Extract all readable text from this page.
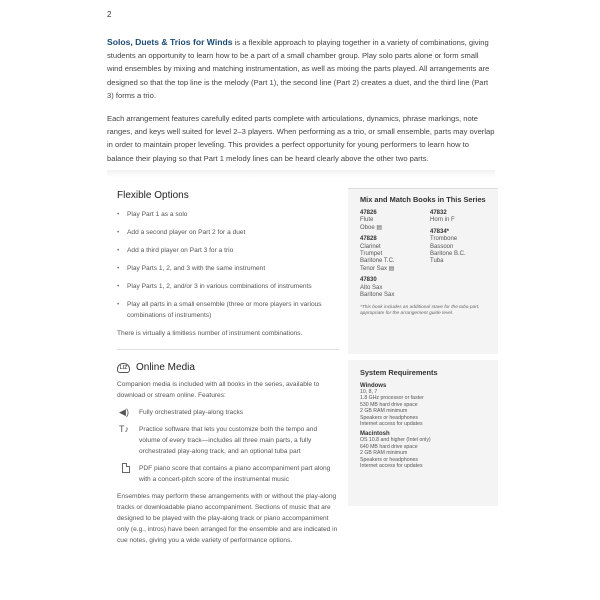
2

Solos, Duets & Trios for Winds is a flexible approach to playing together in a variety of combinations, giving students an opportunity to learn how to be a part of a small chamber group. Play solo parts alone or form small wind ensembles by mixing and matching instrumentation, as well as mixing the parts played. All arrangements are designed so that the top line is the melody (Part 1), the second line (Part 2) creates a duet, and the third line (Part 3) forms a trio.

Each arrangement features carefully edited parts complete with articulations, dynamics, phrase markings, note ranges, and keys well suited for level 2–3 players. When performing as a trio, or small ensemble, parts may overlap in order to maintain proper leveling. This provides a perfect opportunity for young performers to learn how to balance their playing so that Part 1 melody lines can be heard clearly above the other two parts.

Flexible Options
• Play Part 1 as a solo
• Add a second player on Part 2 for a duet
• Add a third player on Part 3 for a trio
• Play Parts 1, 2, and 3 with the same instrument
• Play Parts 1, 2, and/or 3 in various combinations of instruments
• Play all parts in a small ensemble (three or more players in various combinations of instruments)
There is virtually a limitless number of instrument combinations.
LIZ Online Media
Companion media is included with all books in the series, available to download or stream online. Features:
◀)	Fully orchestrated play-along tracks
T♪	Practice software that lets you customize both the tempo and volume of every track—includes all three main parts, a fully orchestrated play-along track, and an optional tuba part
PDF piano score that contains a piano accompaniment part along with a concert-pitch score of the instrumental music
Ensembles may perform these arrangements with or without the play-along tracks or downloadable piano accompaniment. Sections of music that are designed to be played with the play-along track or piano accompaniment only (e.g., intros) have been arranged for the ensemble and are indicated in cue notes, giving you a wide variety of performance options.
Mix and Match Books in This Series
47826
Flute
Oboe ▤
47828
Clarinet
Trumpet
Baritone T.C.
Tenor Sax ▤
47830
Alto Sax
Baritone Sax
47832
Horn in F
47834*
Trombone
Bassoon
Baritone B.C.
Tuba
*This book includes an additional stave for the tuba part, appropriate for the arrangement guide level.
System Requirements
Windows
10, 8, 7
1.8 GHz processor or faster
530 MB hard drive space
2 GB RAM minimum
Speakers or headphones
Internet access for updates
Macintosh
OS 10.8 and higher (Intel only)
640 MB hard drive space
2 GB RAM minimum
Speakers or headphones
Internet access for updates
